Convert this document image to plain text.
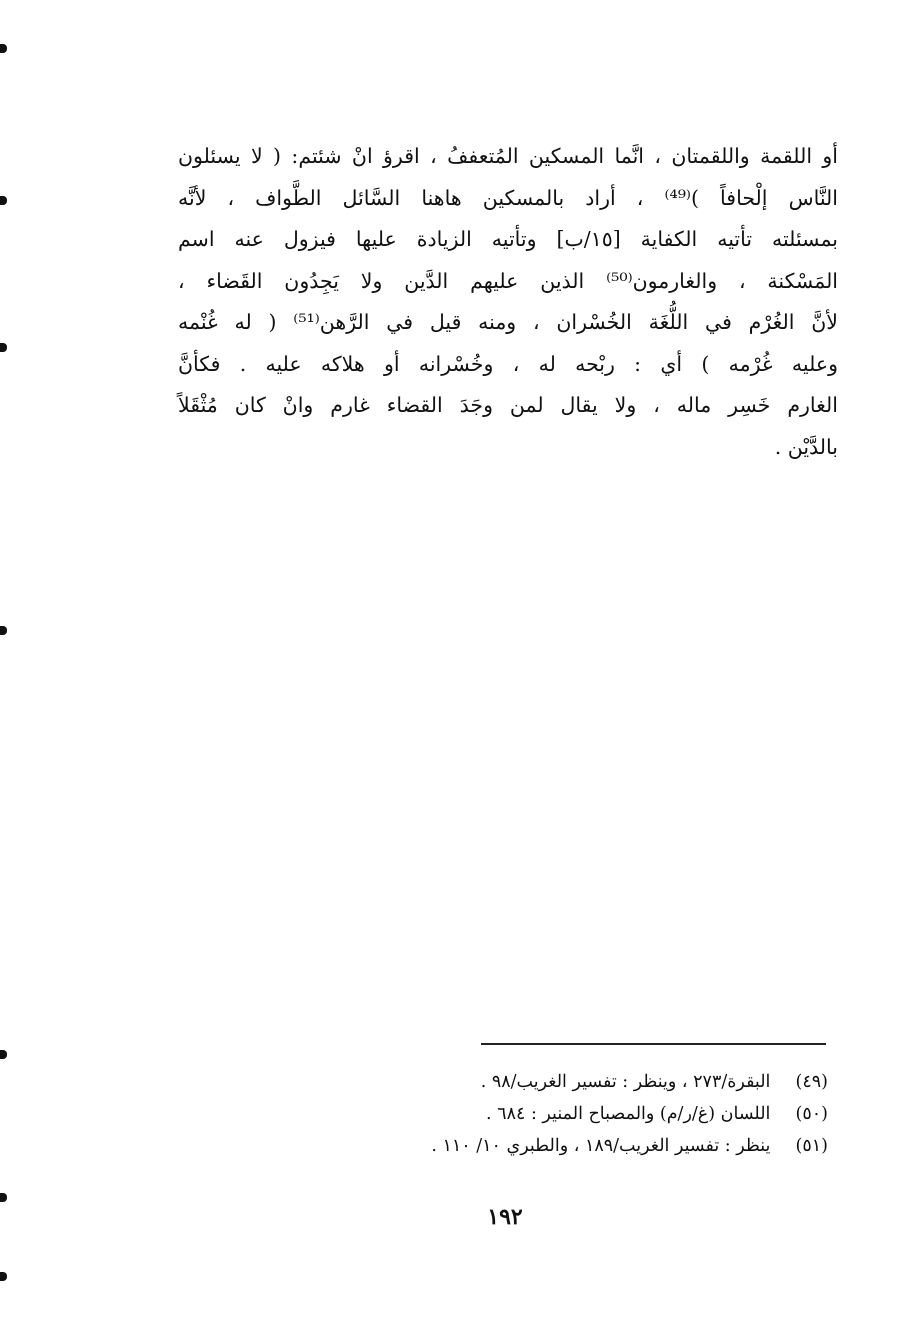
أو اللقمة واللقمتان ، انَّما المسكين المُتعففُ ، اقرؤ انْ شئتم: ( لا يسئلون
النَّاس إلْحافاً )⁽⁴⁹⁾ ، أراد بالمسكين هاهنا السَّائل الطَّواف ، لأنَّه
بمسئلته تأتيه الكفاية [١٥/ب] وتأتيه الزيادة عليها فيزول عنه اسم
المَسْكنة ، والغارمون⁽⁵⁰⁾ الذين عليهم الدَّين ولا يَجِدُون القَضاء ،
لأنَّ الغُرْم في اللُّغَة الخُسْران ، ومنه قيل في الرَّهن⁽⁵¹⁾ ( له غُنْمه
وعليه غُرْمه ) أي : ربْحه له ، وخُسْرانه أو هلاكه عليه . فكأنَّ
الغارم خَسِر ماله ، ولا يقال لمن وجَدَ القضاء غارم وانْ كان مُثْقَلاً
بالدَّيْن .
(٤٩) البقرة/٢٧٣ ، وينظر : تفسير الغريب/٩٨ .
(٥٠) اللسان (غ/ر/م) والمصباح المنير : ٦٨٤ .
(٥١) ينظر : تفسير الغريب/١٨٩ ، والطبري ١٠/ ١١٠ .
١٩٢
